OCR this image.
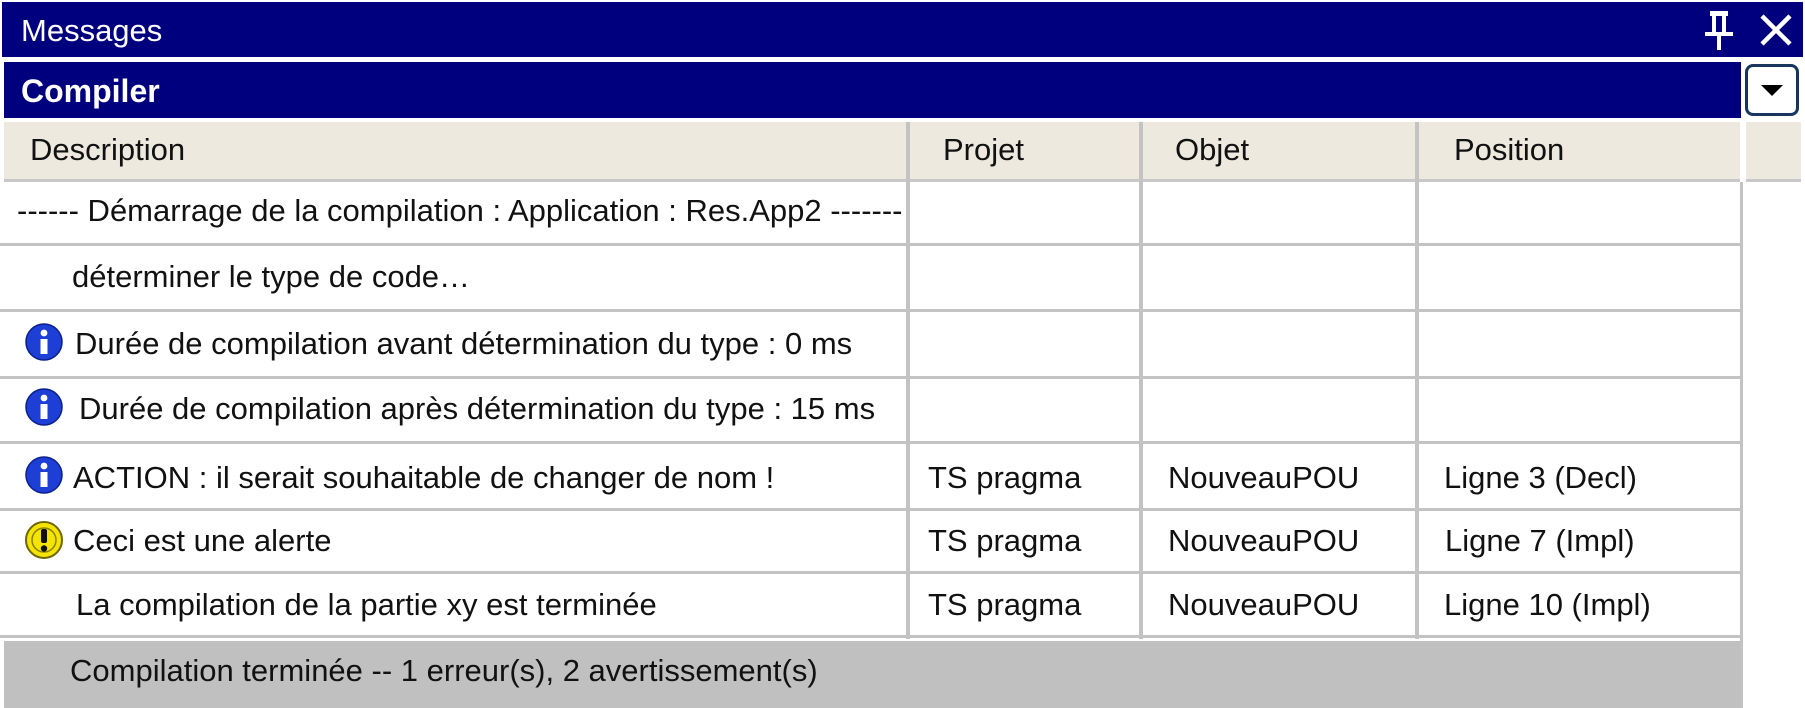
Messages
Compiler
Description	Projet	Objet	Position
------ Démarrage de la compilation : Application : Res.App2 -------
déterminer le type de code…
Durée de compilation avant détermination du type : 0 ms
Durée de compilation après détermination du type : 15 ms
ACTION : il serait souhaitable de changer de nom !	TS pragma	NouveauPOU	Ligne 3 (Decl)
Ceci est une alerte	TS pragma	NouveauPOU	Ligne 7 (Impl)
La compilation de la partie xy est terminée	TS pragma	NouveauPOU	Ligne 10 (Impl)
Compilation terminée -- 1 erreur(s), 2 avertissement(s)
